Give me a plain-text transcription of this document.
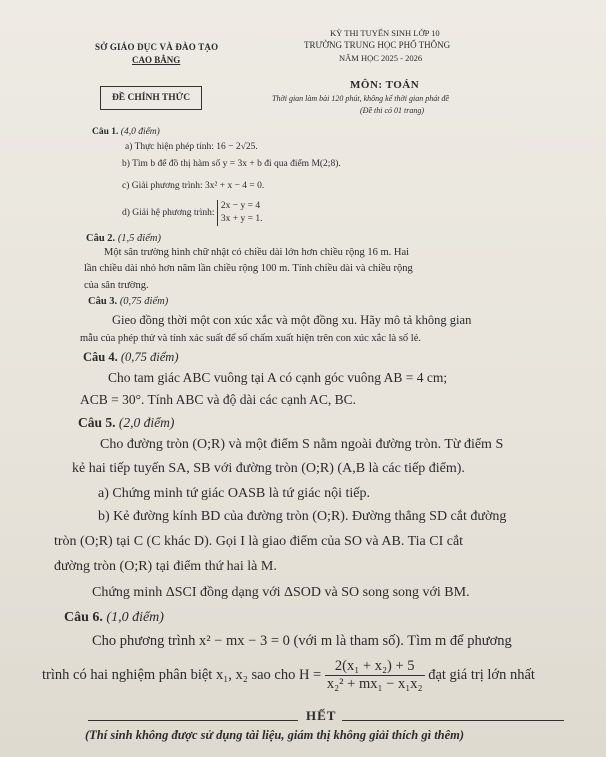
SỞ GIÁO DỤC VÀ ĐÀO TẠO
CAO BẰNG
KỲ THI TUYỂN SINH LỚP 10
TRƯỜNG TRUNG HỌC PHỔ THÔNG
NĂM HỌC 2025 - 2026
MÔN: TOÁN
ĐỀ CHÍNH THỨC	Thời gian làm bài 120 phút, không kể thời gian phát đề
(Đề thi có 01 trang)
Câu 1. (4,0 điểm)
a) Thực hiện phép tính: 16 − 2√25.
b) Tìm b để đồ thị hàm số y = 3x + b đi qua điểm M(2;8).
c) Giải phương trình: 3x² + x − 4 = 0.
d) Giải hệ phương trình:
2x − y = 4
3x + y = 1.
Câu 2. (1,5 điểm)
Một sân trường hình chữ nhật có chiều dài lớn hơn chiều rộng 16 m. Hai
lần chiều dài nhỏ hơn năm lần chiều rộng 100 m. Tính chiều dài và chiều rộng
của sân trường.
Câu 3. (0,75 điểm)
Gieo đồng thời một con xúc xắc và một đồng xu. Hãy mô tả không gian
mẫu của phép thử và tính xác suất để số chấm xuất hiện trên con xúc xắc là số lẻ.
Câu 4. (0,75 điểm)
Cho tam giác ABC vuông tại A có cạnh góc vuông AB = 4 cm;
ACB = 30°. Tính ABC và độ dài các cạnh AC, BC.
Câu 5. (2,0 điểm)
Cho đường tròn (O;R) và một điểm S nằm ngoài đường tròn. Từ điểm S
kẻ hai tiếp tuyến SA, SB với đường tròn (O;R) (A,B là các tiếp điểm).
a) Chứng minh tứ giác OASB là tứ giác nội tiếp.
b) Kẻ đường kính BD của đường tròn (O;R). Đường thẳng SD cắt đường
tròn (O;R) tại C (C khác D). Gọi I là giao điểm của SO và AB. Tia CI cắt
đường tròn (O;R) tại điểm thứ hai là M.
Chứng minh ΔSCI đồng dạng với ΔSOD và SO song song với BM.
Câu 6. (1,0 điểm)
Cho phương trình x² − mx − 3 = 0 (với m là tham số). Tìm m để phương
trình có hai nghiệm phân biệt x₁, x₂ sao cho $H = \frac{\text{2(x₁ + x₂) + 5}}{\text{x₂² + mx₁ − x₁x₂}}$ đạt giá trị lớn nhất
HẾT
(Thí sinh không được sử dụng tài liệu, giám thị không giải thích gì thêm)
